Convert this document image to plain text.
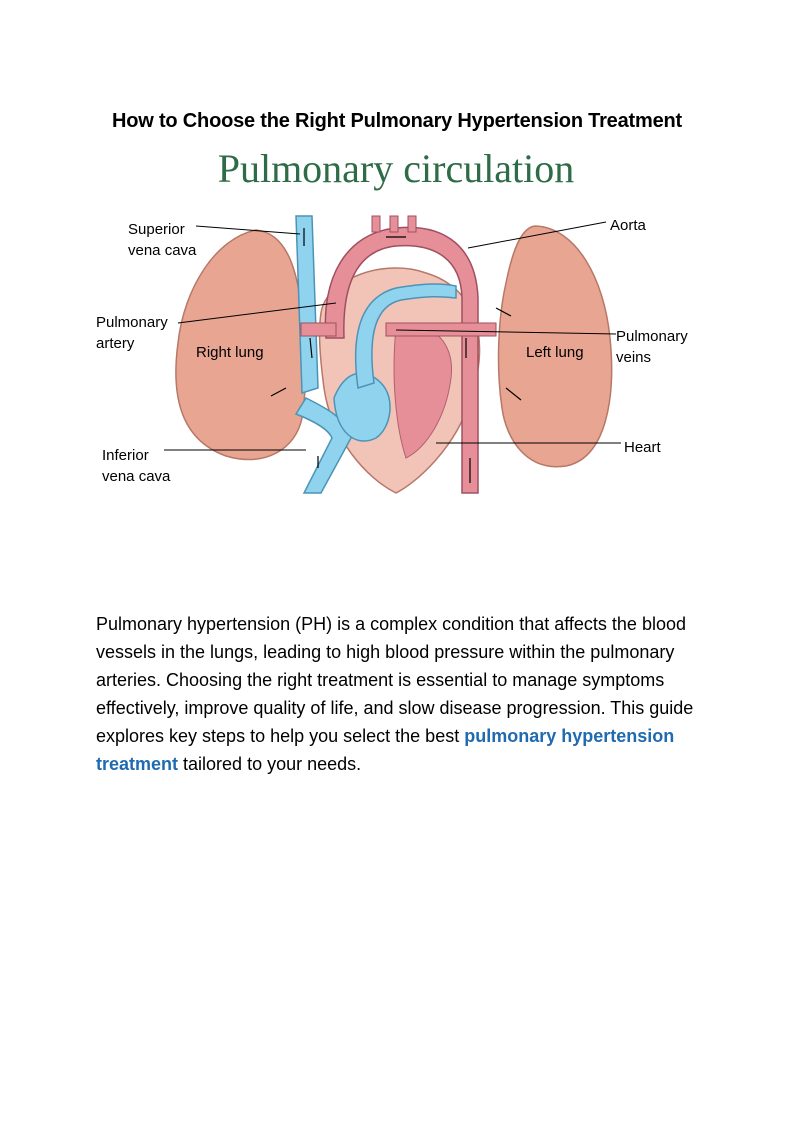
How to Choose the Right Pulmonary Hypertension Treatment
Pulmonary circulation
Superior
vena cava
Aorta
Pulmonary
artery
Right lung	Left lung
Pulmonary
veins
Inferior
vena cava
Heart

Pulmonary hypertension (PH) is a complex condition that affects the blood vessels in the lungs, leading to high blood pressure within the pulmonary arteries. Choosing the right treatment is essential to manage symptoms effectively, improve quality of life, and slow disease progression. This guide explores key steps to help you select the best pulmonary hypertension treatment tailored to your needs.
